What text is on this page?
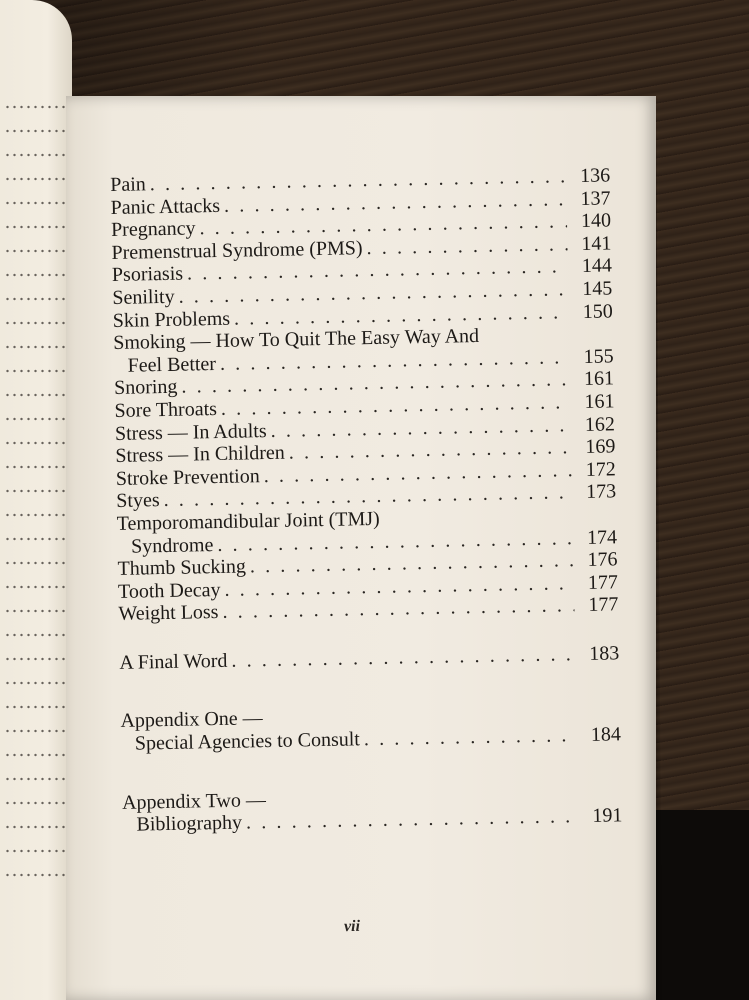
Pain . . .	136
Panic Attacks . . .	137
Pregnancy . . .	140
Premenstrual Syndrome (PMS) . . .	141
Psoriasis . . .	144
Senility . . .	145
Skin Problems . . .	150
Smoking — How To Quit The Easy Way And
Feel Better . . .	155
Snoring . . .	161
Sore Throats . . .	161
Stress — In Adults . . .	162
Stress — In Children . . .	169
Stroke Prevention . . .	172
Styes . . .	173
Temporomandibular Joint (TMJ)
Syndrome . . .	174
Thumb Sucking . . .	176
Tooth Decay . . .	177
Weight Loss . . .	177
A Final Word . . .	183
Appendix One —
Special Agencies to Consult . . .	184
Appendix Two —
Bibliography . . .	191
vii
